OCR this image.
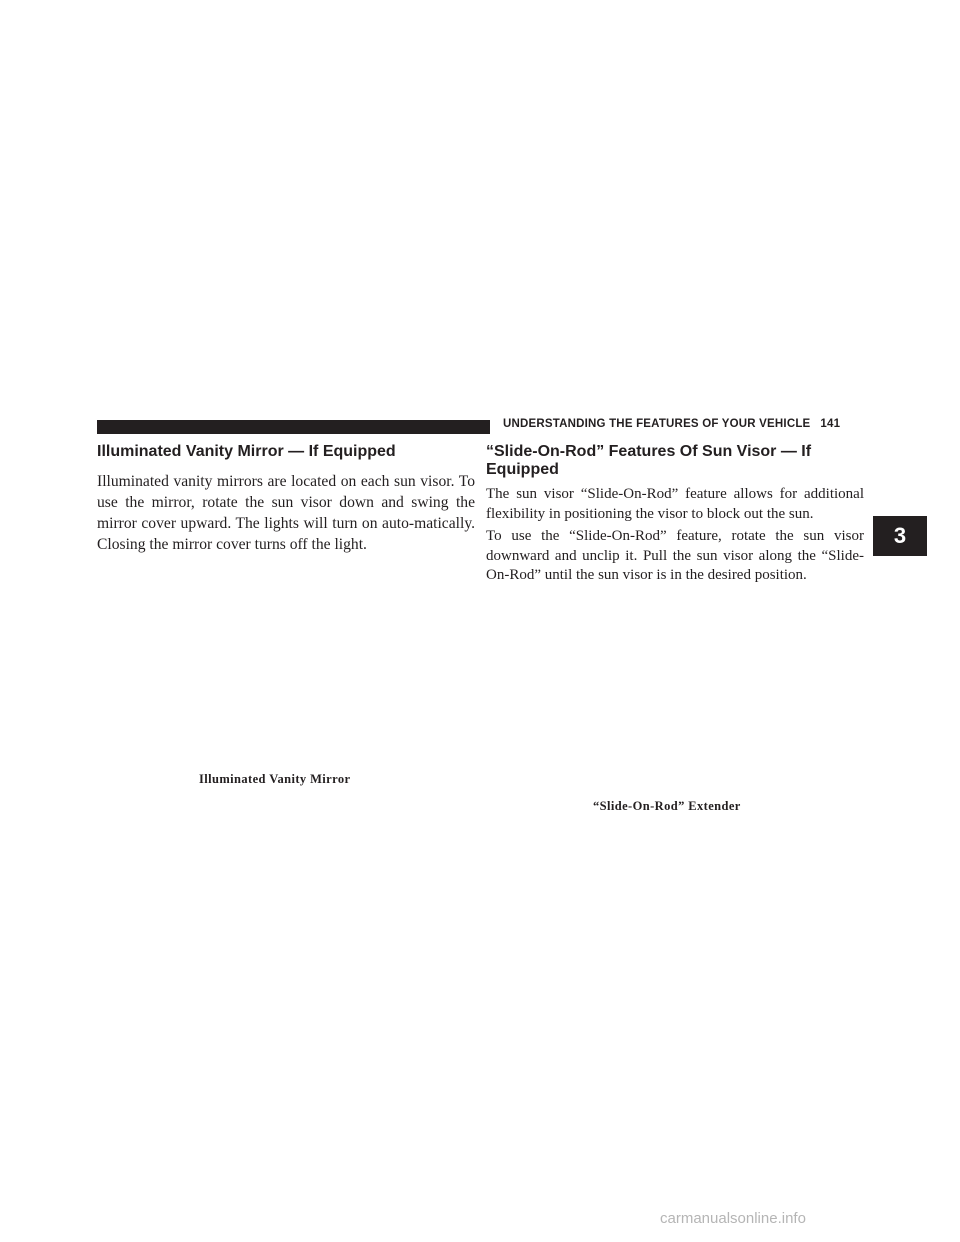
UNDERSTANDING THE FEATURES OF YOUR VEHICLE 141
3
Illuminated Vanity Mirror — If Equipped

Illuminated vanity mirrors are located on each sun visor. To use the mirror, rotate the sun visor down and swing the mirror cover upward. The lights will turn on auto-matically. Closing the mirror cover turns off the light.

“Slide-On-Rod” Features Of Sun Visor — If Equipped

The sun visor “Slide-On-Rod” feature allows for additional flexibility in positioning the visor to block out the sun.

To use the “Slide-On-Rod” feature, rotate the sun visor downward and unclip it. Pull the sun visor along the “Slide-On-Rod” until the sun visor is in the desired position.

Illuminated Vanity Mirror
“Slide-On-Rod” Extender
carmanualsonline.info
